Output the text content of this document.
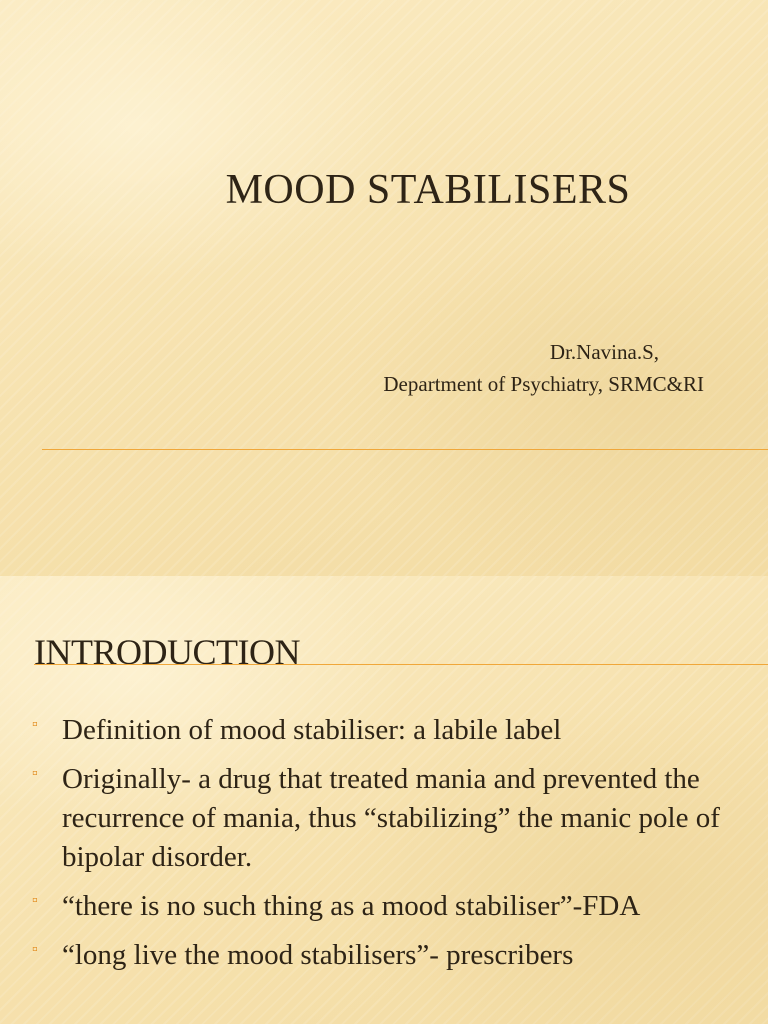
MOOD STABILISERS
Dr.Navina.S,
Department of Psychiatry, SRMC&RI
INTRODUCTION
▫ Definition of mood stabiliser: a labile label
▫ Originally- a drug that treated mania and prevented the recurrence of mania, thus “stabilizing” the manic pole of bipolar disorder.
▫ “there is no such thing as a mood stabiliser”-FDA
▫ “long live the mood stabilisers”- prescribers
